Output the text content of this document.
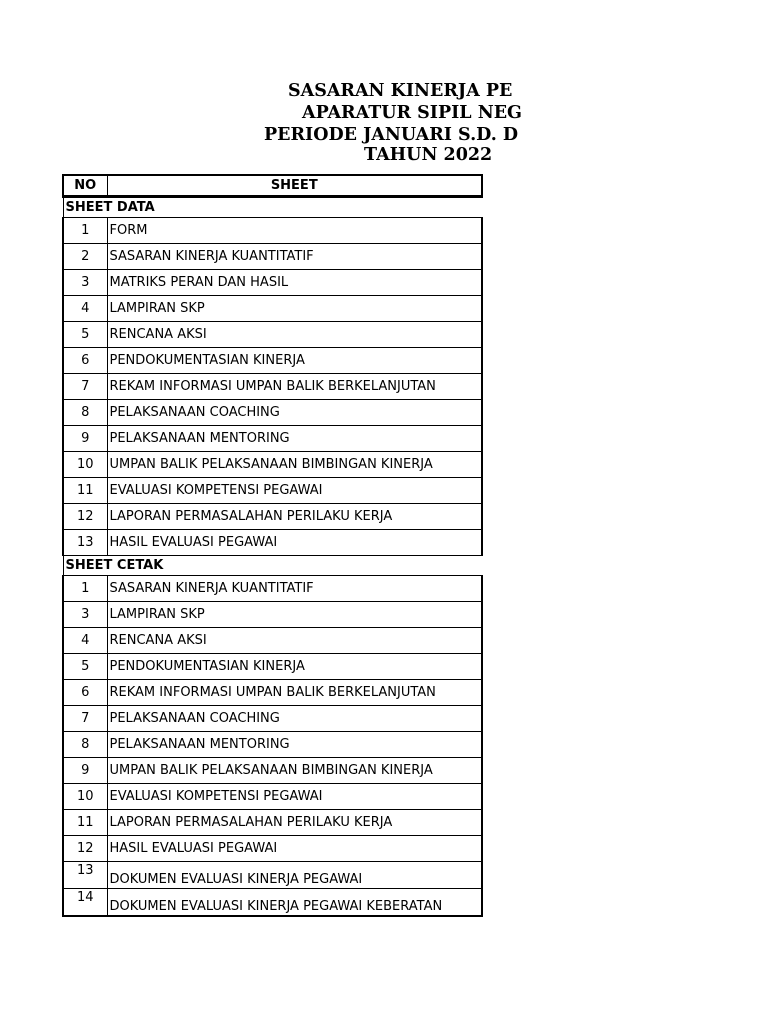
SASARAN KINERJA PE
APARATUR SIPIL NEG
PERIODE JANUARI S.D. D
TAHUN 2022
NO	SHEET
SHEET DATA	
1	FORM
2	SASARAN KINERJA KUANTITATIF
3	MATRIKS PERAN DAN HASIL
4	LAMPIRAN SKP
5	RENCANA AKSI
6	PENDOKUMENTASIAN KINERJA
7	REKAM INFORMASI UMPAN BALIK BERKELANJUTAN
8	PELAKSANAAN COACHING
9	PELAKSANAAN MENTORING
10	UMPAN BALIK PELAKSANAAN BIMBINGAN KINERJA
11	EVALUASI KOMPETENSI PEGAWAI
12	LAPORAN PERMASALAHAN PERILAKU KERJA
13	HASIL EVALUASI PEGAWAI
SHEET CETAK	
1	SASARAN KINERJA KUANTITATIF
3	LAMPIRAN SKP
4	RENCANA AKSI
5	PENDOKUMENTASIAN KINERJA
6	REKAM INFORMASI UMPAN BALIK BERKELANJUTAN
7	PELAKSANAAN COACHING
8	PELAKSANAAN MENTORING
9	UMPAN BALIK PELAKSANAAN BIMBINGAN KINERJA
10	EVALUASI KOMPETENSI PEGAWAI
11	LAPORAN PERMASALAHAN PERILAKU KERJA
12	HASIL EVALUASI PEGAWAI
13	DOKUMEN EVALUASI KINERJA PEGAWAI
14	DOKUMEN EVALUASI KINERJA PEGAWAI KEBERATAN
